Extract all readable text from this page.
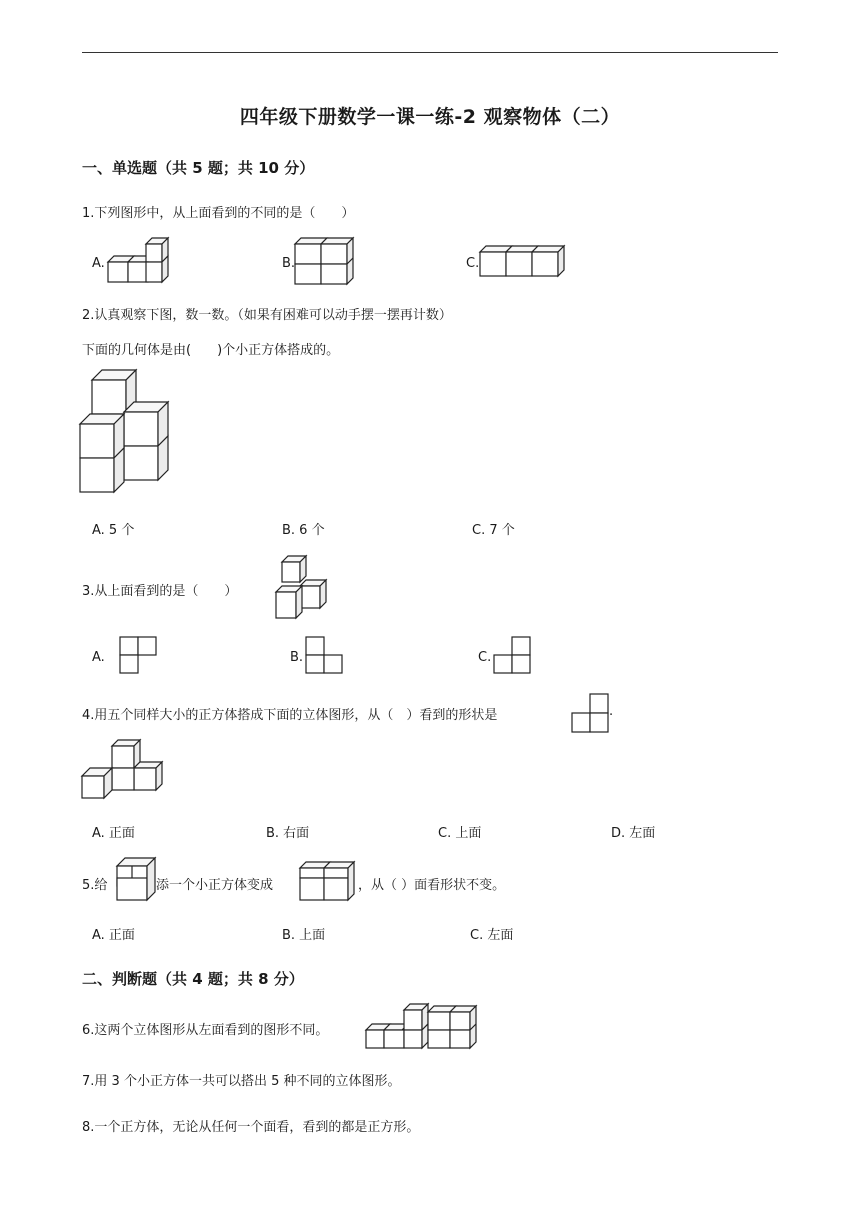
四年级下册数学一课一练-2 观察物体（二）
一、单选题（共 5 题；共 10 分）
1.下列图形中，从上面看到的不同的是（　　）
A.	B.	C.
2.认真观察下图，数一数。（如果有困难可以动手摆一摆再计数）
下面的几何体是由(　　)个小正方体搭成的。
A. 5 个	B. 6 个	C. 7 个
3.从上面看到的是（　　）
A.	B.	C.
4.用五个同样大小的正方体搭成下面的立体图形，从（　）看到的形状是	.
A. 正面	B. 右面	C. 上面	D. 左面
5.给	添一个小正方体变成	，从（ ）面看形状不变。
A. 正面	B. 上面	C. 左面
二、判断题（共 4 题；共 8 分）
6.这两个立体图形从左面看到的图形不同。
7.用 3 个小正方体一共可以搭出 5 种不同的立体图形。
8.一个正方体，无论从任何一个面看，看到的都是正方形。
